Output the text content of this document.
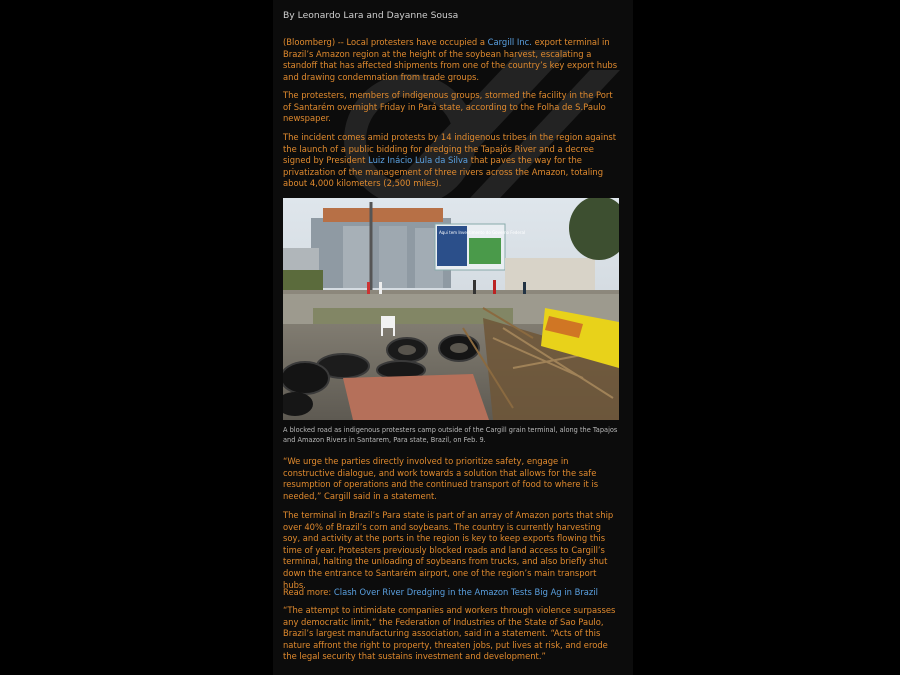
By Leonardo Lara and Dayanne Sousa

(Bloomberg) -- Local protesters have occupied a Cargill Inc. export terminal in Brazil’s Amazon region at the height of the soybean harvest, escalating a standoff that has affected shipments from one of the country’s key export hubs and drawing condemnation from trade groups.

The protesters, members of indigenous groups, stormed the facility in the Port of Santarém overnight Friday in Pará state, according to the Folha de S.Paulo newspaper.

The incident comes amid protests by 14 indigenous tribes in the region against the launch of a public bidding for dredging the Tapajós River and a decree signed by President Luiz Inácio Lula da Silva that paves the way for the privatization of the management of three rivers across the Amazon, totaling about 4,000 kilometers (2,500 miles).

Aqui tem Investimento do Governo Federal

A blocked road as indigenous protesters camp outside of the Cargill grain terminal, along the Tapajos and Amazon Rivers in Santarem, Para state, Brazil, on Feb. 9.

“We urge the parties directly involved to prioritize safety, engage in constructive dialogue, and work towards a solution that allows for the safe resumption of operations and the continued transport of food to where it is needed,” Cargill said in a statement.

The terminal in Brazil’s Para state is part of an array of Amazon ports that ship over 40% of Brazil’s corn and soybeans. The country is currently harvesting soy, and activity at the ports in the region is key to keep exports flowing this time of year. Protesters previously blocked roads and land access to Cargill’s terminal, halting the unloading of soybeans from trucks, and also briefly shut down the entrance to Santarém airport, one of the region’s main transport hubs.

Read more: Clash Over River Dredging in the Amazon Tests Big Ag in Brazil

“The attempt to intimidate companies and workers through violence surpasses any democratic limit,” the Federation of Industries of the State of Sao Paulo, Brazil’s largest manufacturing association, said in a statement. “Acts of this nature affront the right to property, threaten jobs, put lives at risk, and erode the legal security that sustains investment and development.”
